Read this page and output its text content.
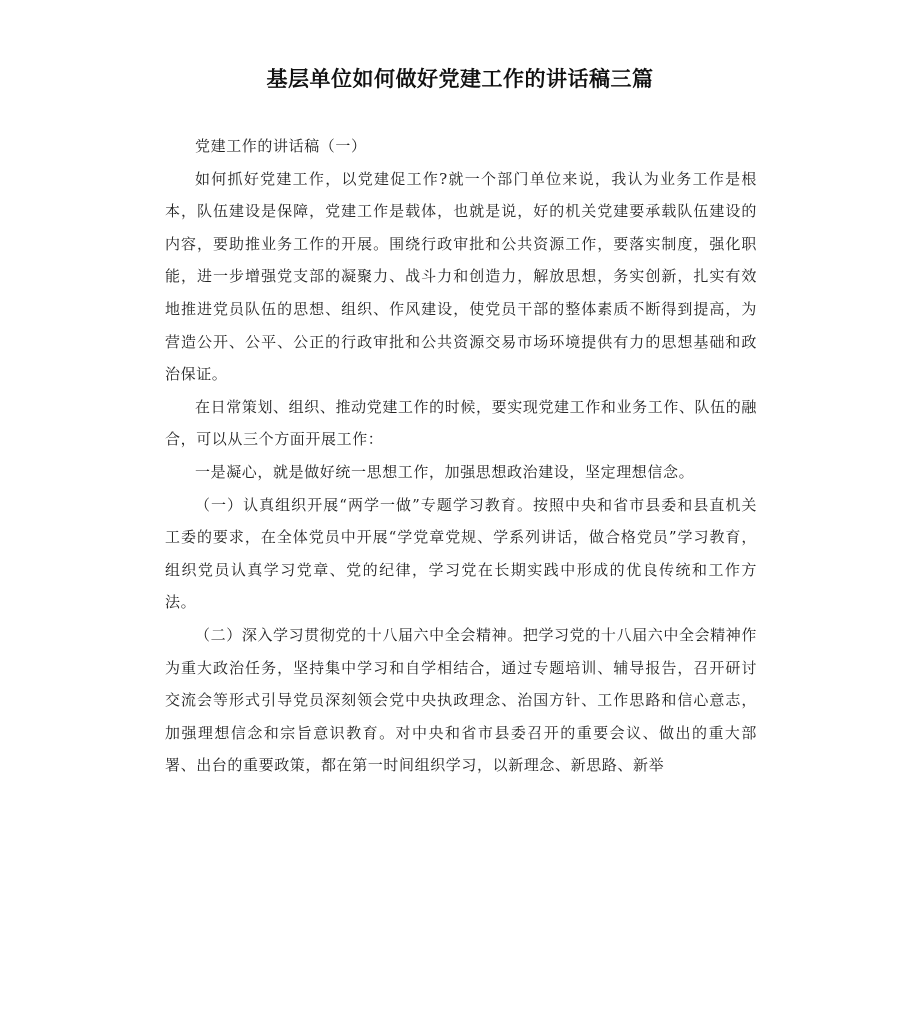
基层单位如何做好党建工作的讲话稿三篇

党建工作的讲话稿（一）

如何抓好党建工作，以党建促工作?就一个部门单位来说，我认为业务工作是根本，队伍建设是保障，党建工作是载体，也就是说，好的机关党建要承载队伍建设的内容，要助推业务工作的开展。围绕行政审批和公共资源工作，要落实制度，强化职能，进一步增强党支部的凝聚力、战斗力和创造力，解放思想，务实创新，扎实有效地推进党员队伍的思想、组织、作风建设，使党员干部的整体素质不断得到提高，为营造公开、公平、公正的行政审批和公共资源交易市场环境提供有力的思想基础和政治保证。

在日常策划、组织、推动党建工作的时候，要实现党建工作和业务工作、队伍的融合，可以从三个方面开展工作：

一是凝心，就是做好统一思想工作，加强思想政治建设，坚定理想信念。

（一）认真组织开展“两学一做”专题学习教育。按照中央和省市县委和县直机关工委的要求，在全体党员中开展“学党章党规、学系列讲话，做合格党员”学习教育，组织党员认真学习党章、党的纪律，学习党在长期实践中形成的优良传统和工作方法。

（二）深入学习贯彻党的十八届六中全会精神。把学习党的十八届六中全会精神作为重大政治任务，坚持集中学习和自学相结合，通过专题培训、辅导报告，召开研讨交流会等形式引导党员深刻领会党中央执政理念、治国方针、工作思路和信心意志，加强理想信念和宗旨意识教育。对中央和省市县委召开的重要会议、做出的重大部署、出台的重要政策，都在第一时间组织学习，以新理念、新思路、新举
